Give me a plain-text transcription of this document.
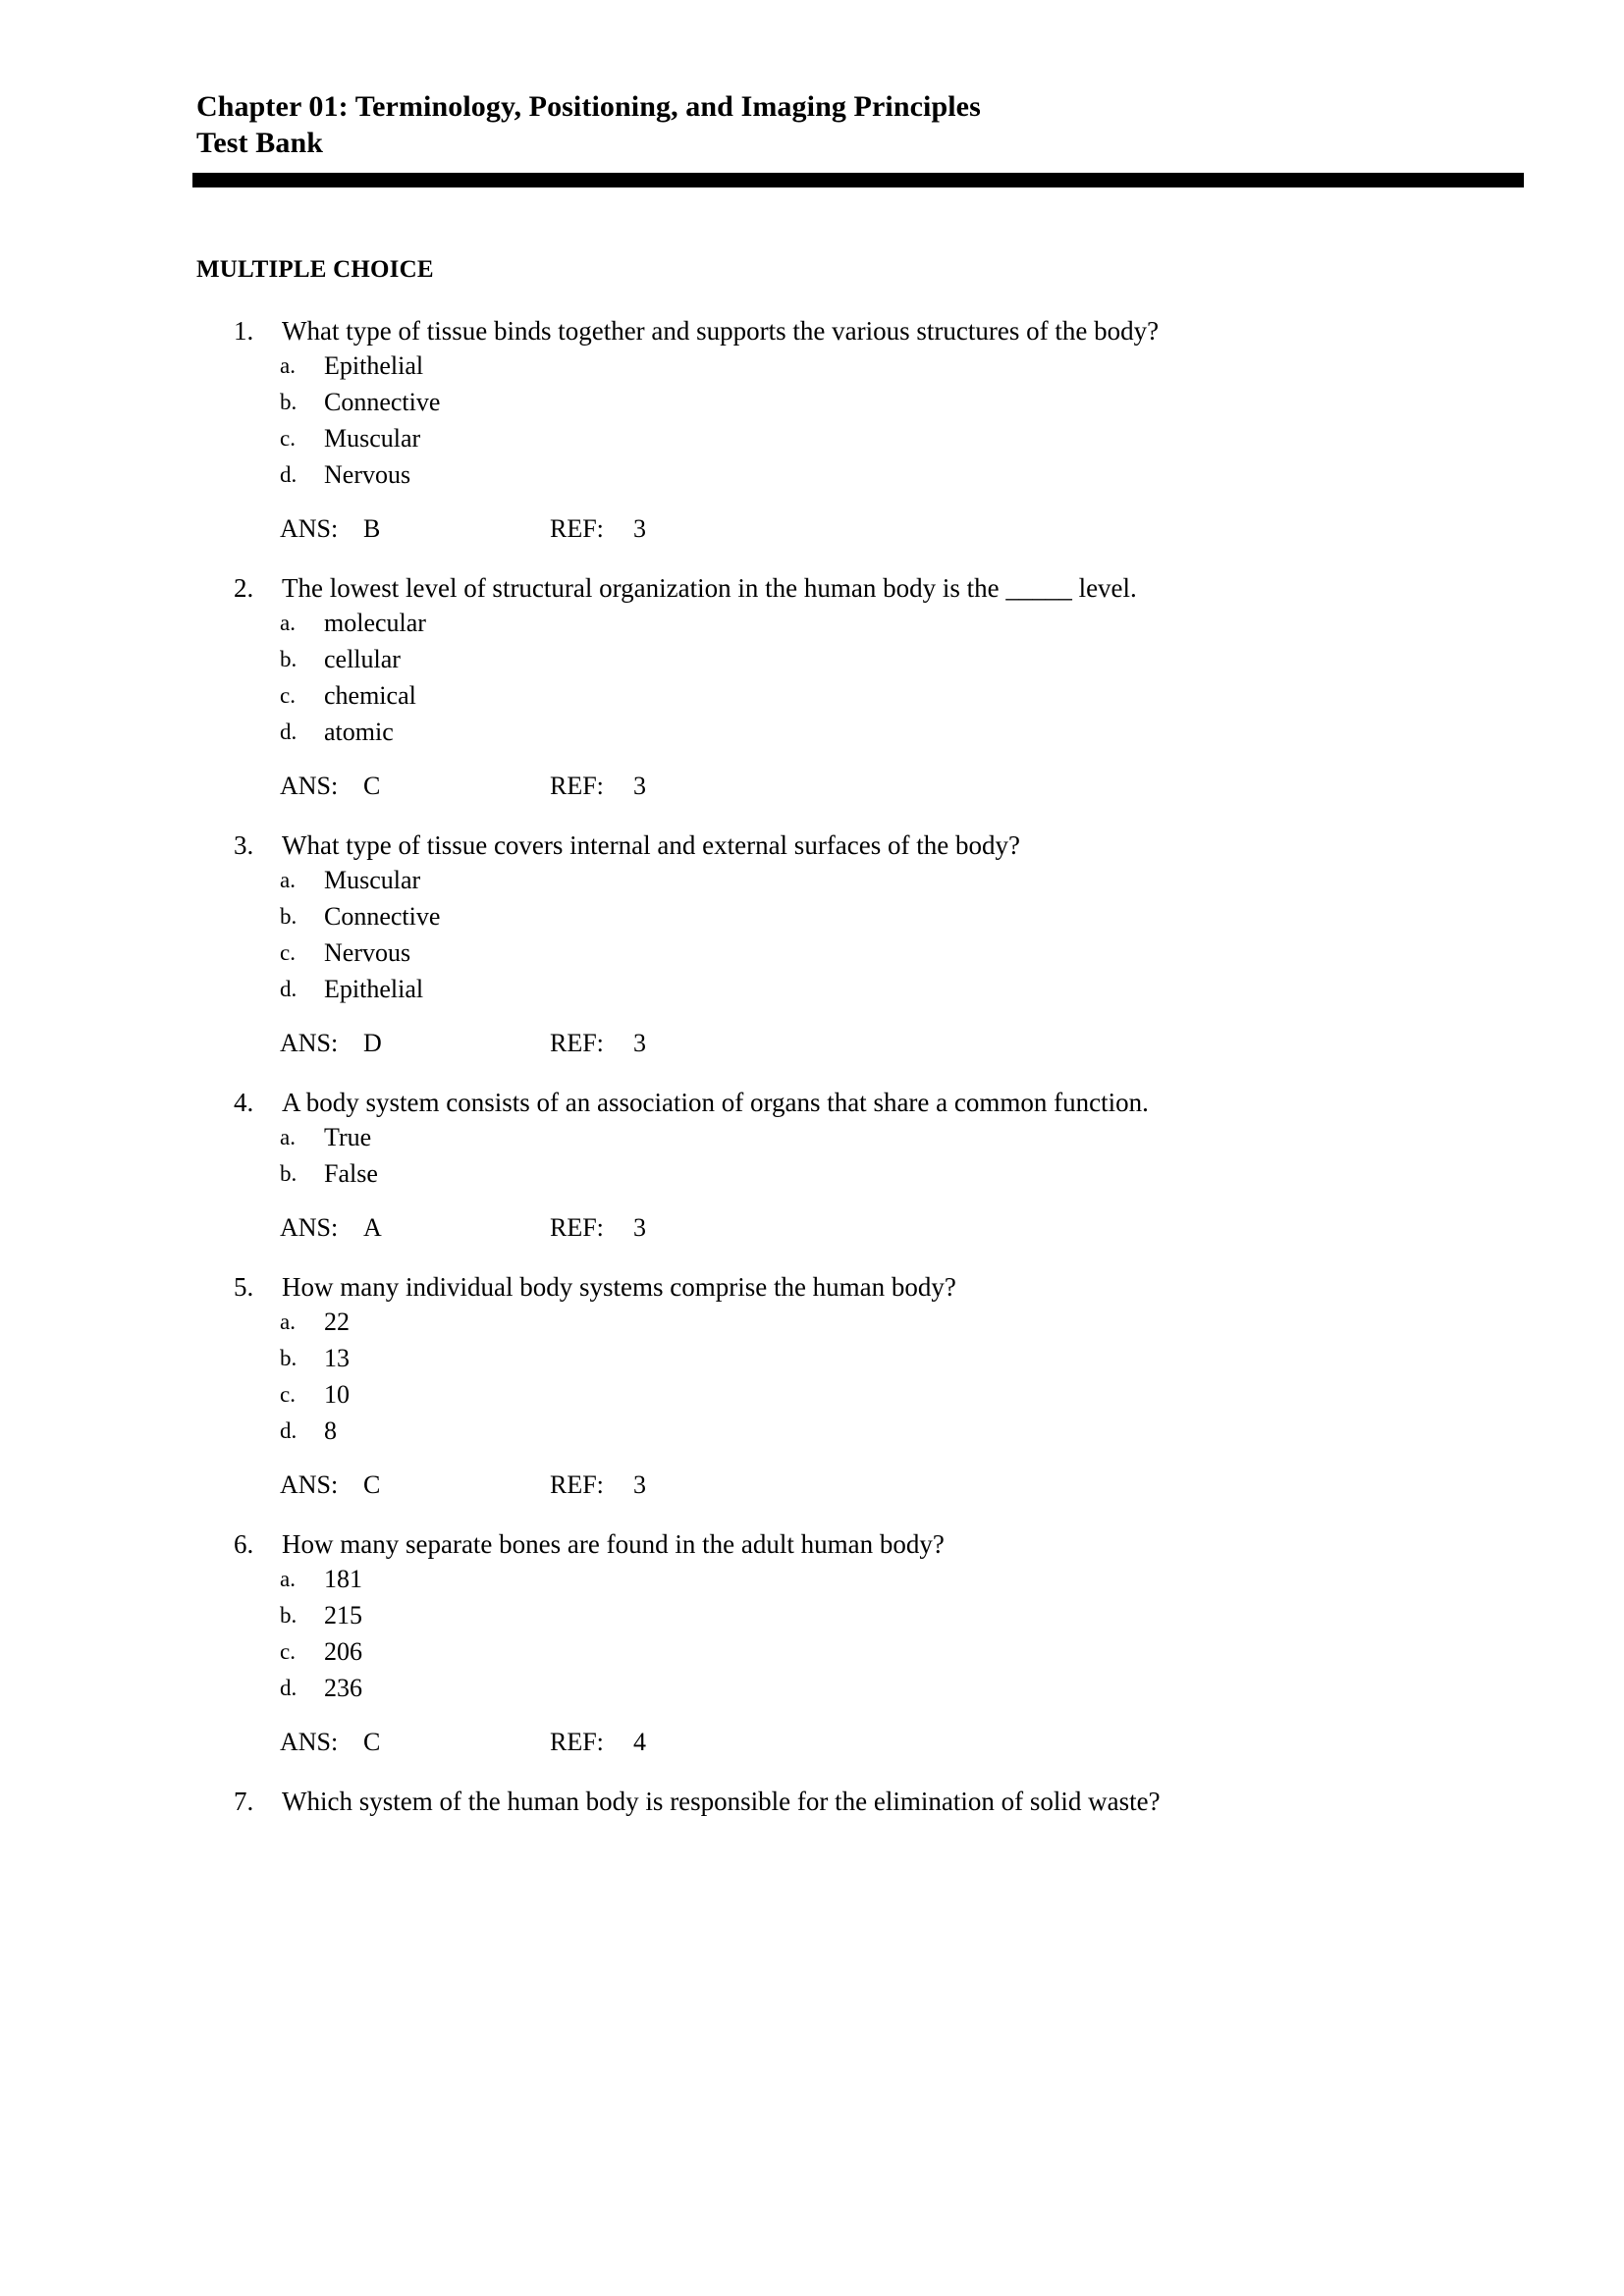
Chapter 01: Terminology, Positioning, and Imaging Principles
Test Bank
MULTIPLE CHOICE
1.	What type of tissue binds together and supports the various structures of the body?
a.	Epithelial
b.	Connective
c.	Muscular
d.	Nervous
ANS: B	REF: 3
2.	The lowest level of structural organization in the human body is the _____ level.
a.	molecular
b.	cellular
c.	chemical
d.	atomic
ANS: C	REF: 3
3.	What type of tissue covers internal and external surfaces of the body?
a.	Muscular
b.	Connective
c.	Nervous
d.	Epithelial
ANS: D	REF: 3
4.	A body system consists of an association of organs that share a common function.
a.	True
b.	False
ANS: A	REF: 3
5.	How many individual body systems comprise the human body?
a.	22
b.	13
c.	10
d.	8
ANS: C	REF: 3
6.	How many separate bones are found in the adult human body?
a.	181
b.	215
c.	206
d.	236
ANS: C	REF: 4
7.	Which system of the human body is responsible for the elimination of solid waste?
